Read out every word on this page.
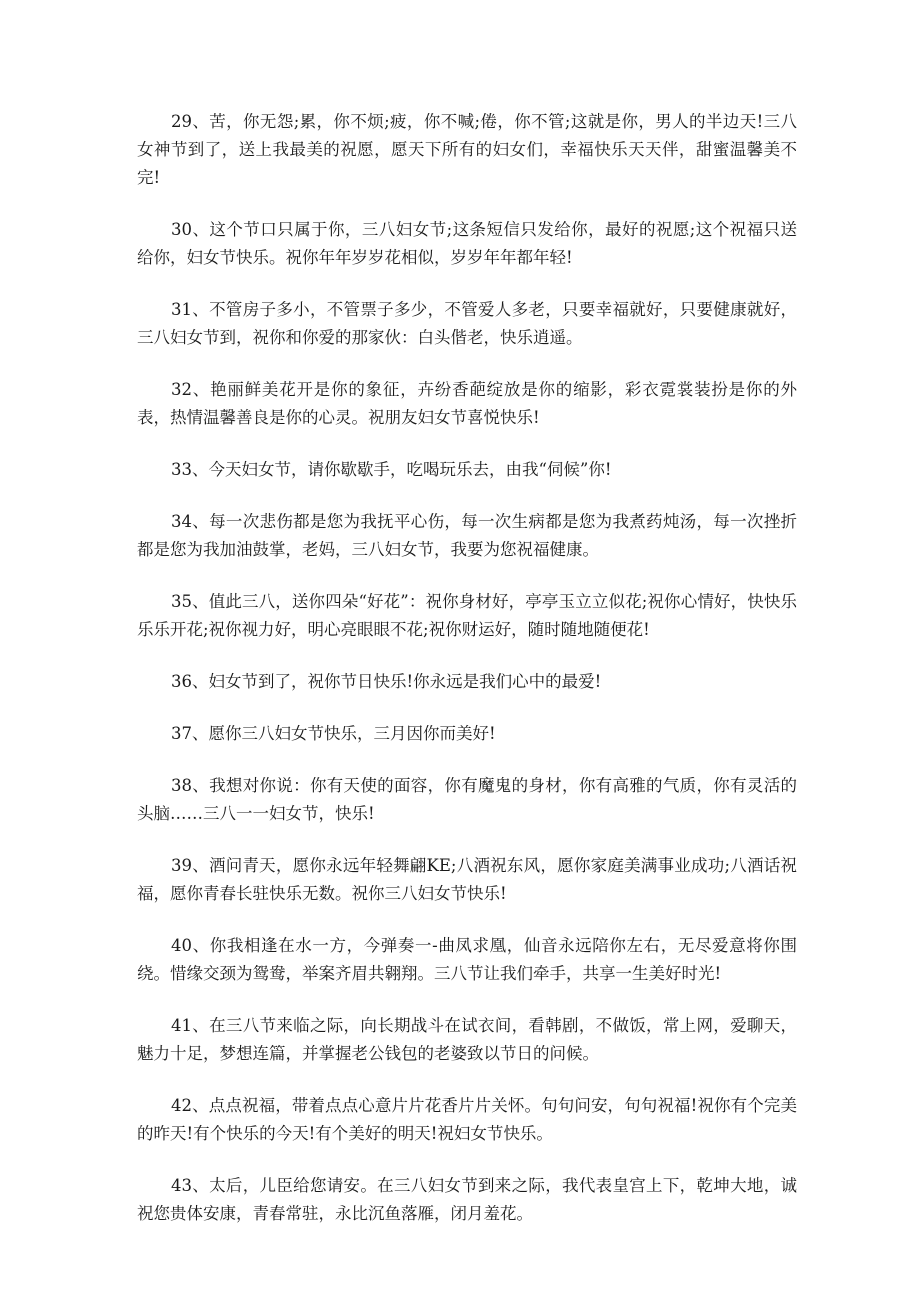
29、苦，你无怨;累，你不烦;疲，你不喊;倦，你不管;这就是你，男人的半边天!三八女神节到了，送上我最美的祝愿，愿天下所有的妇女们，幸福快乐天天伴，甜蜜温馨美不完!

30、这个节口只属于你，三八妇女节;这条短信只发给你，最好的祝愿;这个祝福只送给你，妇女节快乐。祝你年年岁岁花相似，岁岁年年都年轻!

31、不管房子多小，不管票子多少，不管爱人多老，只要幸福就好，只要健康就好，三八妇女节到，祝你和你爱的那家伙：白头偕老，快乐逍遥。

32、艳丽鲜美花开是你的象征，卉纷香葩绽放是你的缩影，彩衣霓裳装扮是你的外表，热情温馨善良是你的心灵。祝朋友妇女节喜悦快乐!

33、今天妇女节，请你歇歇手，吃喝玩乐去，由我“伺候”你!

34、每一次悲伤都是您为我抚平心伤，每一次生病都是您为我煮药炖汤，每一次挫折都是您为我加油鼓掌，老妈，三八妇女节，我要为您祝福健康。

35、值此三八，送你四朵“好花”：祝你身材好，亭亭玉立立似花;祝你心情好，快快乐乐乐开花;祝你视力好，明心亮眼眼不花;祝你财运好，随时随地随便花!

36、妇女节到了，祝你节日快乐!你永远是我们心中的最爱!

37、愿你三八妇女节快乐，三月因你而美好!

38、我想对你说：你有天使的面容，你有魔鬼的身材，你有高雅的气质，你有灵活的头脑……三八一一妇女节，快乐!

39、酒问青天，愿你永远年轻舞翩KE;八酒祝东风，愿你家庭美满事业成功;八酒话祝福，愿你青春长驻快乐无数。祝你三八妇女节快乐!

40、你我相逢在水一方，今弹奏一-曲凤求凰，仙音永远陪你左右，无尽爱意将你围绕。惜缘交颈为鸳鸯，举案齐眉共翱翔。三八节让我们牵手，共享一生美好时光!

41、在三八节来临之际，向长期战斗在试衣间，看韩剧，不做饭，常上网，爱聊天，魅力十足，梦想连篇，并掌握老公钱包的老婆致以节日的问候。

42、点点祝福，带着点点心意片片花香片片关怀。句句问安，句句祝福!祝你有个完美的昨天!有个快乐的今天!有个美好的明天!祝妇女节快乐。

43、太后，儿臣给您请安。在三八妇女节到来之际，我代表皇宫上下，乾坤大地，诚祝您贵体安康，青春常驻，永比沉鱼落雁，闭月羞花。
